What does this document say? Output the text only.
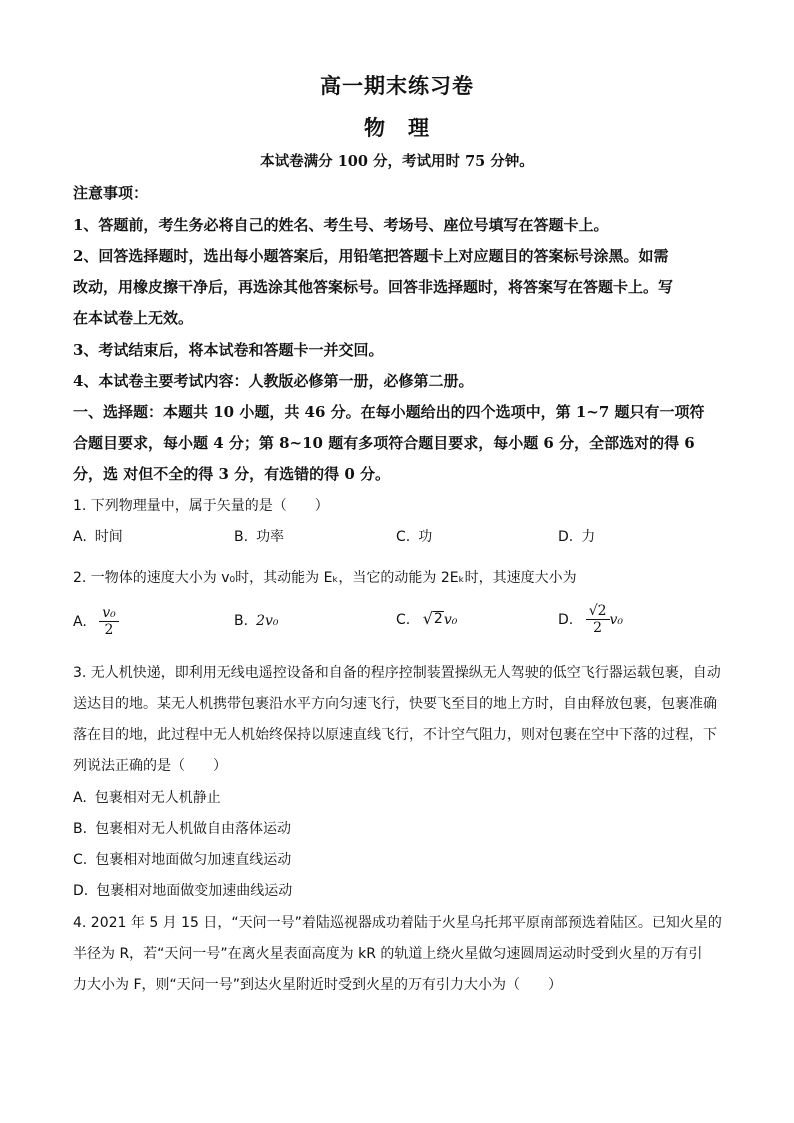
高一期末练习卷
物　理
本试卷满分 100 分，考试用时 75 分钟。
注意事项：
1、答题前，考生务必将自己的姓名、考生号、考场号、座位号填写在答题卡上。
2、回答选择题时，选出每小题答案后，用铅笔把答题卡上对应题目的答案标号涂黑。如需
改动，用橡皮擦干净后，再选涂其他答案标号。回答非选择题时，将答案写在答题卡上。写
在本试卷上无效。
3、考试结束后，将本试卷和答题卡一并交回。
4、本试卷主要考试内容：人教版必修第一册，必修第二册。
一、选择题：本题共 10 小题，共 46 分。在每小题给出的四个选项中，第 1~7 题只有一项符
合题目要求，每小题 4 分；第 8~10 题有多项符合题目要求，每小题 6 分，全部选对的得 6
分，选 对但不全的得 3 分，有选错的得 0 分。
1. 下列物理量中，属于矢量的是（　　）
A. 时间	B. 功率	C. 功	D. 力
2. 一物体的速度大小为 v₀时，其动能为 Eₖ，当它的动能为 2Eₖ时，其速度大小为
A. $\frac{\text{v₀}}{2}$	B. 2v₀	C. √ 2 v₀	D. $\frac{√2}{2} v_0$
3. 无人机快递，即利用无线电遥控设备和自备的程序控制装置操纵无人驾驶的低空飞行器运载包裹，自动
送达目的地。某无人机携带包裹沿水平方向匀速飞行，快要飞至目的地上方时，自由释放包裹，包裹准确
落在目的地，此过程中无人机始终保持以原速直线飞行，不计空气阻力，则对包裹在空中下落的过程，下
列说法正确的是（　　）
A. 包裹相对无人机静止
B. 包裹相对无人机做自由落体运动
C. 包裹相对地面做匀加速直线运动
D. 包裹相对地面做变加速曲线运动
4. 2021 年 5 月 15 日，“天问一号”着陆巡视器成功着陆于火星乌托邦平原南部预选着陆区。已知火星的
半径为 R，若“天问一号”在离火星表面高度为 kR 的轨道上绕火星做匀速圆周运动时受到火星的万有引
力大小为 F，则“天问一号”到达火星附近时受到火星的万有引力大小为（　　）
